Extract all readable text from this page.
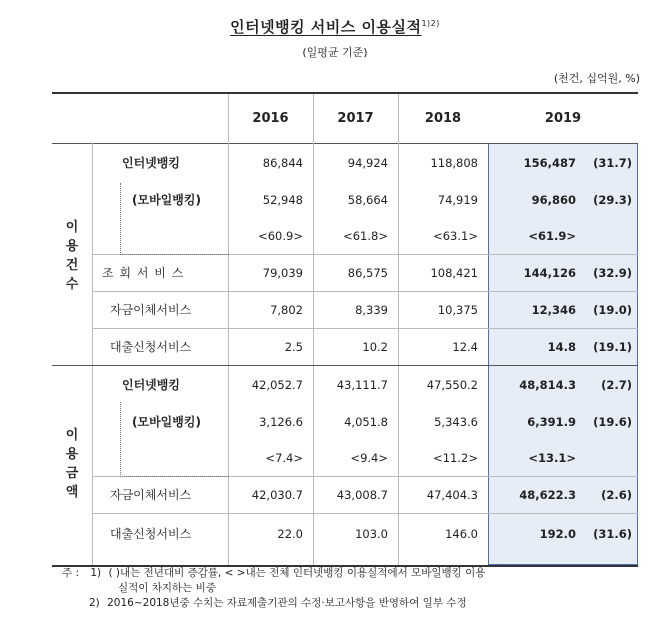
인터넷뱅킹 서비스 이용실적$^{1)2)}$
(일평균 기준)
(천건, 십억원, %)
2016	2017	2018	2019
이
용
건
수
이
용
금
액
인터넷뱅킹	86,844	94,924	118,808	156,487	(31.7)
(모바일뱅킹)	52,948	58,664	74,919	96,860	(29.3)
<60.9>	<61.8>	<63.1>	<61.9>
조 회 서 비 스	79,039	86,575	108,421	144,126	(32.9)
자금이체서비스	7,802	8,339	10,375	12,346	(19.0)
대출신청서비스	2.5	10.2	12.4	14.8	(19.1)
인터넷뱅킹	42,052.7	43,111.7	47,550.2	48,814.3	(2.7)
(모바일뱅킹)	3,126.6	4,051.8	5,343.6	6,391.9	(19.6)
<7.4>	<9.4>	<11.2>	<13.1>
자금이체서비스	42,030.7	43,008.7	47,404.3	48,622.3	(2.6)
대출신청서비스	22.0	103.0	146.0	192.0	(31.6)
주 : 1) ( )내는 전년대비 증감률, < >내는 전체 인터넷뱅킹 이용실적에서 모바일뱅킹 이용
실적이 차지하는 비중
2) 2016~2018년중 수치는 자료제출기관의 수정·보고사항을 반영하여 일부 수정
